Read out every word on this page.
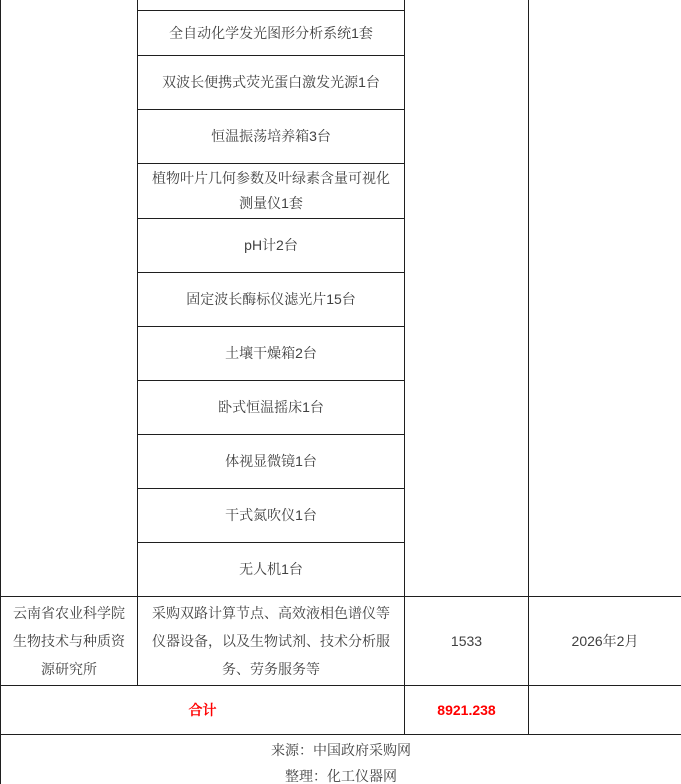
	全自动化学发光图形分析系统1套		
	双波长便携式荧光蛋白激发光源1台		
	恒温振荡培养箱3台		
	植物叶片几何参数及叶绿素含量可视化测量仪1套		
	pH计2台		
	固定波长酶标仪滤光片15台		
	土壤干燥箱2台		
	卧式恒温摇床1台		
	体视显微镜1台		
	干式氮吹仪1台		
	无人机1台		
云南省农业科学院生物技术与种质资源研究所	采购双路计算节点、高效液相色谱仪等仪器设备，以及生物试剂、技术分析服务、劳务服务等	1533	2026年2月
合计		8921.238	

来源：中国政府采购网
整理：化工仪器网			
